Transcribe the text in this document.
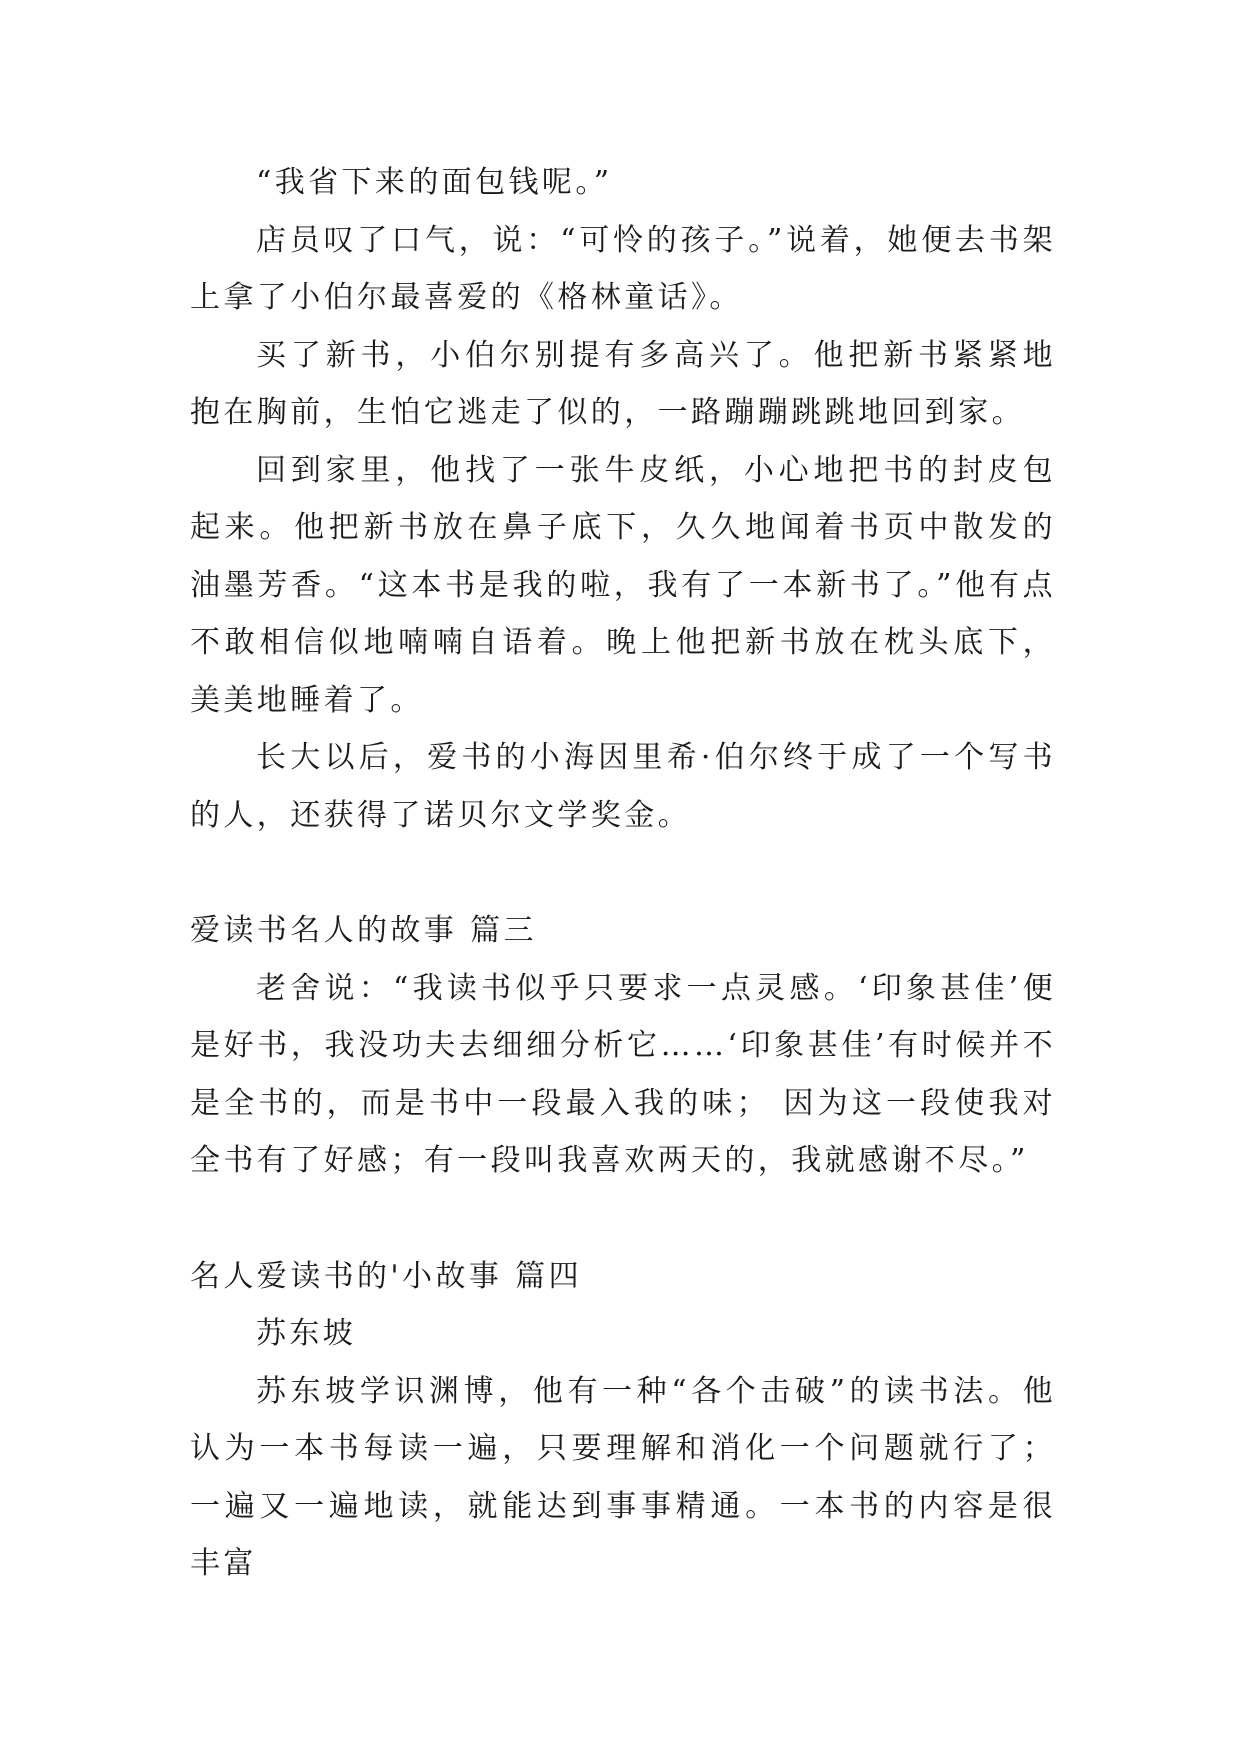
“我省下来的面包钱呢。”

店员叹了口气，说：“可怜的孩子。”说着，她便去书架上拿了小伯尔最喜爱的《格林童话》。

买了新书，小伯尔别提有多高兴了。他把新书紧紧地抱在胸前，生怕它逃走了似的，一路蹦蹦跳跳地回到家。

回到家里，他找了一张牛皮纸，小心地把书的封皮包起来。他把新书放在鼻子底下，久久地闻着书页中散发的油墨芳香。“这本书是我的啦，我有了一本新书了。”他有点不敢相信似地喃喃自语着。晚上他把新书放在枕头底下，美美地睡着了。

长大以后，爱书的小海因里希·伯尔终于成了一个写书的人，还获得了诺贝尔文学奖金。

爱读书名人的故事 篇三

老舍说：“我读书似乎只要求一点灵感。‘印象甚佳’便是好书，我没功夫去细细分析它……‘印象甚佳’有时候并不是全书的，而是书中一段最入我的味； 因为这一段使我对全书有了好感；有一段叫我喜欢两天的，我就感谢不尽。”

名人爱读书的'小故事 篇四

苏东坡

苏东坡学识渊博，他有一种“各个击破”的读书法。他认为一本书每读一遍，只要理解和消化一个问题就行了；一遍又一遍地读，就能达到事事精通。一本书的内容是很丰富
